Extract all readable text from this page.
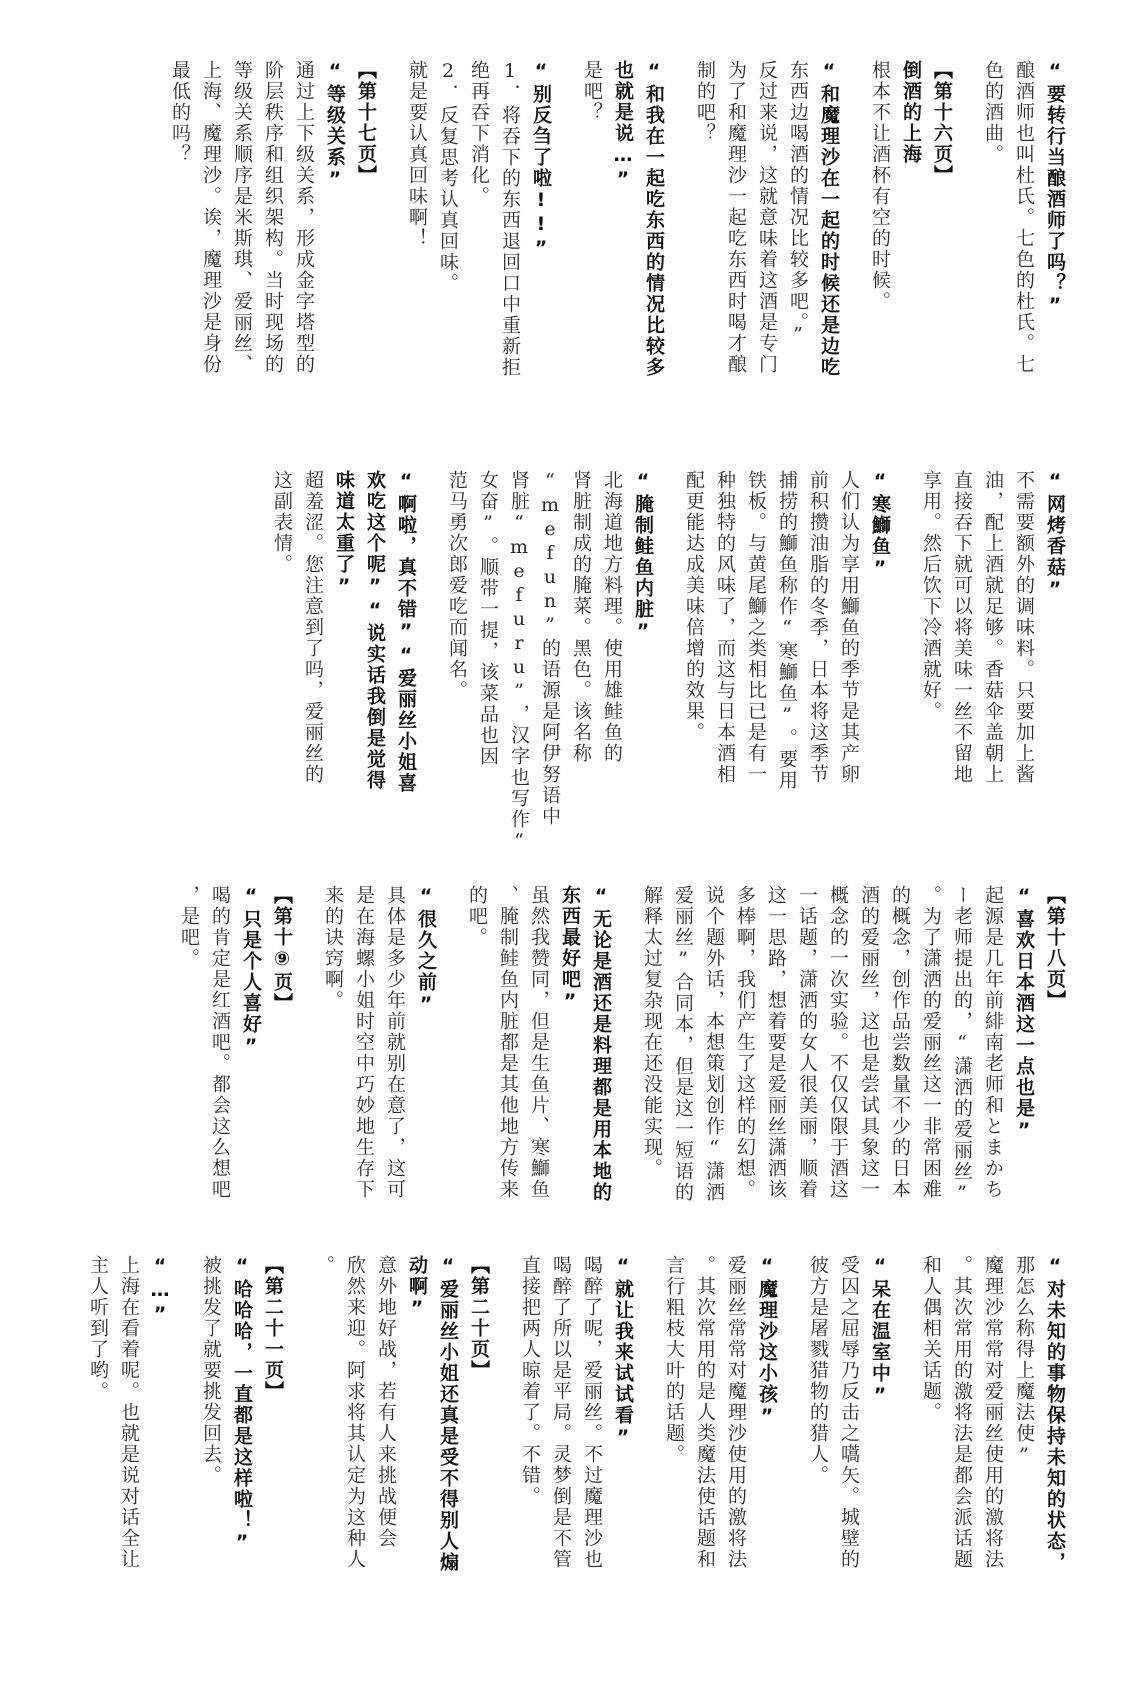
“要转行当酿酒师了吗？”
酿酒师也叫杜氏。七色的杜氏。七
色的酒曲。
【第十六页】
倒酒的上海
根本不让酒杯有空的时候。
“和魔理沙在一起的时候还是边吃
东西边喝酒的情况比较多吧。”
反过来说，这就意味着这酒是专门
为了和魔理沙一起吃东西时喝才酿
制的吧？
“和我在一起吃东西的情况比较多
也就是说…”
是吧？
“别反刍了啦!!”
1．将吞下的东西退回口中重新拒
绝再吞下消化。
2．反复思考认真回味。
就是要认真回味啊！
【第十七页】
“等级关系”
通过上下级关系，形成金字塔型的
阶层秩序和组织架构。当时现场的
等级关系顺序是米斯琪、爱丽丝、
上海、魔理沙。诶，魔理沙是身份
最低的吗？
“网烤香菇”
不需要额外的调味料。只要加上酱
油，配上酒就足够。香菇伞盖朝上
直接吞下就可以将美味一丝不留地
享用。然后饮下冷酒就好。
“寒鰤鱼”
人们认为享用鰤鱼的季节是其产卵
前积攒油脂的冬季，日本将这季节
捕捞的鰤鱼称作“寒鰤鱼”。要用
铁板。与黄尾鰤之类相比已是有一
种独特的风味了，而这与日本酒相
配更能达成美味倍增的效果。
“腌制鲑鱼内脏”
北海道地方料理。使用雄鲑鱼的
肾脏制成的腌菜。黑色。该名称
“mefun”的语源是阿伊努语中
肾脏“mefuru”，汉字也写作“
女奋”。顺带一提，该菜品也因
范马勇次郎爱吃而闻名。
“啊啦，真不错”“爱丽丝小姐喜
欢吃这个呢”“说实话我倒是觉得
味道太重了”
超羞涩。您注意到了吗，爱丽丝的
这副表情。
【第十八页】
“喜欢日本酒这一点也是”
起源是几年前緋南老师和とまかち
ー老师提出的，“潇洒的爱丽丝”
。为了潇洒的爱丽丝这一非常困难
的概念，创作品尝数量不少的日本
酒的爱丽丝，这也是尝试具象这一
概念的一次实验。不仅仅限于酒这
一话题，潇洒的女人很美丽，顺着
这一思路，想着要是爱丽丝潇洒该
多棒啊，我们产生了这样的幻想。
说个题外话，本想策划创作“潇洒
爱丽丝”合同本，但是这一短语的
解释太过复杂现在还没能实现。
“无论是酒还是料理都是用本地的
东西最好吧”
虽然我赞同，但是生鱼片、寒鰤鱼
、腌制鲑鱼内脏都是其他地方传来
的吧。
“很久之前”
具体是多少年前就别在意了，这可
是在海螺小姐时空中巧妙地生存下
来的诀窍啊。
【第十⑨页】
“只是个人喜好”
喝的肯定是红酒吧。都会这么想吧
，是吧。
“对未知的事物保持未知的状态，
那怎么称得上魔法使”
魔理沙常常对爱丽丝使用的激将法
。其次常用的激将法是都会派话题
和人偶相关话题。
“呆在温室中”
受囚之屈辱乃反击之嚆矢。城壁的
彼方是屠戮猎物的猎人。
“魔理沙这小孩”
爱丽丝常常对魔理沙使用的激将法
。其次常用的是人类魔法使话题和
言行粗枝大叶的话题。
“就让我来试试看”
喝醉了呢，爱丽丝。不过魔理沙也
喝醉了所以是平局。灵梦倒是不管
直接把两人晾着了。不错。
【第二十页】
“爱丽丝小姐还真是受不得别人煽
动啊”
意外地好战，若有人来挑战便会
欣然来迎。阿求将其认定为这种人
。
【第二十一页】
“哈哈哈，一直都是这样啦！”
被挑发了就要挑发回去。
“…”
上海在看着呢。也就是说对话全让
主人听到了哟。
